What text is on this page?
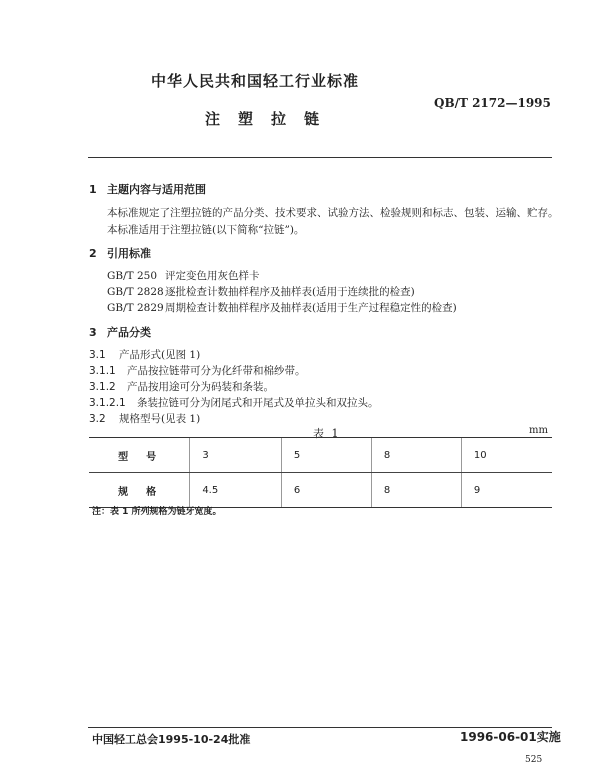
中华人民共和国轻工行业标准
QB/T 2172—1995
注塑拉链
1 主题内容与适用范围
本标准规定了注塑拉链的产品分类、技术要求、试验方法、检验规则和标志、包装、运输、贮存。
本标准适用于注塑拉链(以下简称“拉链”)。
2 引用标准
GB/T 250 评定变色用灰色样卡
GB/T 2828逐批检查计数抽样程序及抽样表(适用于连续批的检查)
GB/T 2829周期检查计数抽样程序及抽样表(适用于生产过程稳定性的检查)
3 产品分类
3.1 产品形式(见图 1)
3.1.1 产品按拉链带可分为化纤带和棉纱带。
3.1.2 产品按用途可分为码装和条装。
3.1.2.1 条装拉链可分为闭尾式和开尾式及单拉头和双拉头。
3.2 规格型号(见表 1)
表 1	mm
型号	3	5	8	10
规格	4.5	6	8	9
注：表 1 所列规格为链牙宽度。
中国轻工总会1995-10-24批准	1996-06-01实施
525
